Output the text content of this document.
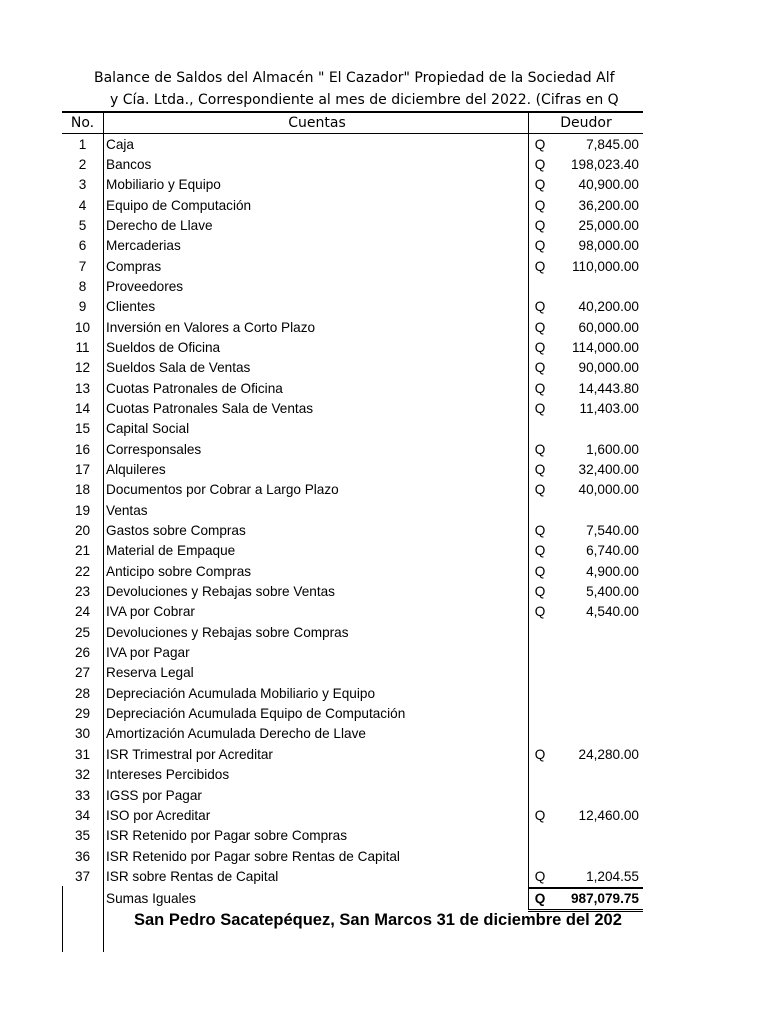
Balance de Saldos del Almacén " El Cazador" Propiedad de la Sociedad Alf
y Cía. Ltda., Correspondiente al mes de diciembre del 2022. (Cifras en Q
No.	Cuentas	Deudor	
1	Caja	Q	7,845.00
2	Bancos	Q	198,023.40
3	Mobiliario y Equipo	Q	40,900.00
4	Equipo de Computación	Q	36,200.00
5	Derecho de Llave	Q	25,000.00
6	Mercaderias	Q	98,000.00
7	Compras	Q	110,000.00
8	Proveedores		
9	Clientes	Q	40,200.00
10	Inversión en Valores a Corto Plazo	Q	60,000.00
11	Sueldos de Oficina	Q	114,000.00
12	Sueldos Sala de Ventas	Q	90,000.00
13	Cuotas Patronales de Oficina	Q	14,443.80
14	Cuotas Patronales Sala de Ventas	Q	11,403.00
15	Capital Social		
16	Corresponsales	Q	1,600.00
17	Alquileres	Q	32,400.00
18	Documentos por Cobrar a Largo Plazo	Q	40,000.00
19	Ventas		
20	Gastos sobre Compras	Q	7,540.00
21	Material de Empaque	Q	6,740.00
22	Anticipo sobre Compras	Q	4,900.00
23	Devoluciones y Rebajas sobre Ventas	Q	5,400.00
24	IVA por Cobrar	Q	4,540.00
25	Devoluciones y Rebajas sobre Compras		
26	IVA por Pagar		
27	Reserva Legal		
28	Depreciación Acumulada Mobiliario y Equipo		
29	Depreciación Acumulada Equipo de Computación		
30	Amortización Acumulada Derecho de Llave		
31	ISR Trimestral por Acreditar	Q	24,280.00
32	Intereses Percibidos		
33	IGSS por Pagar		
34	ISO por Acreditar	Q	12,460.00
35	ISR Retenido por Pagar sobre Compras		
36	ISR Retenido por Pagar sobre Rentas de Capital		
37	ISR sobre Rentas de Capital	Q	1,204.55
	Sumas Iguales	Q	987,079.75
San Pedro Sacatepéquez, San Marcos 31 de diciembre del 202
